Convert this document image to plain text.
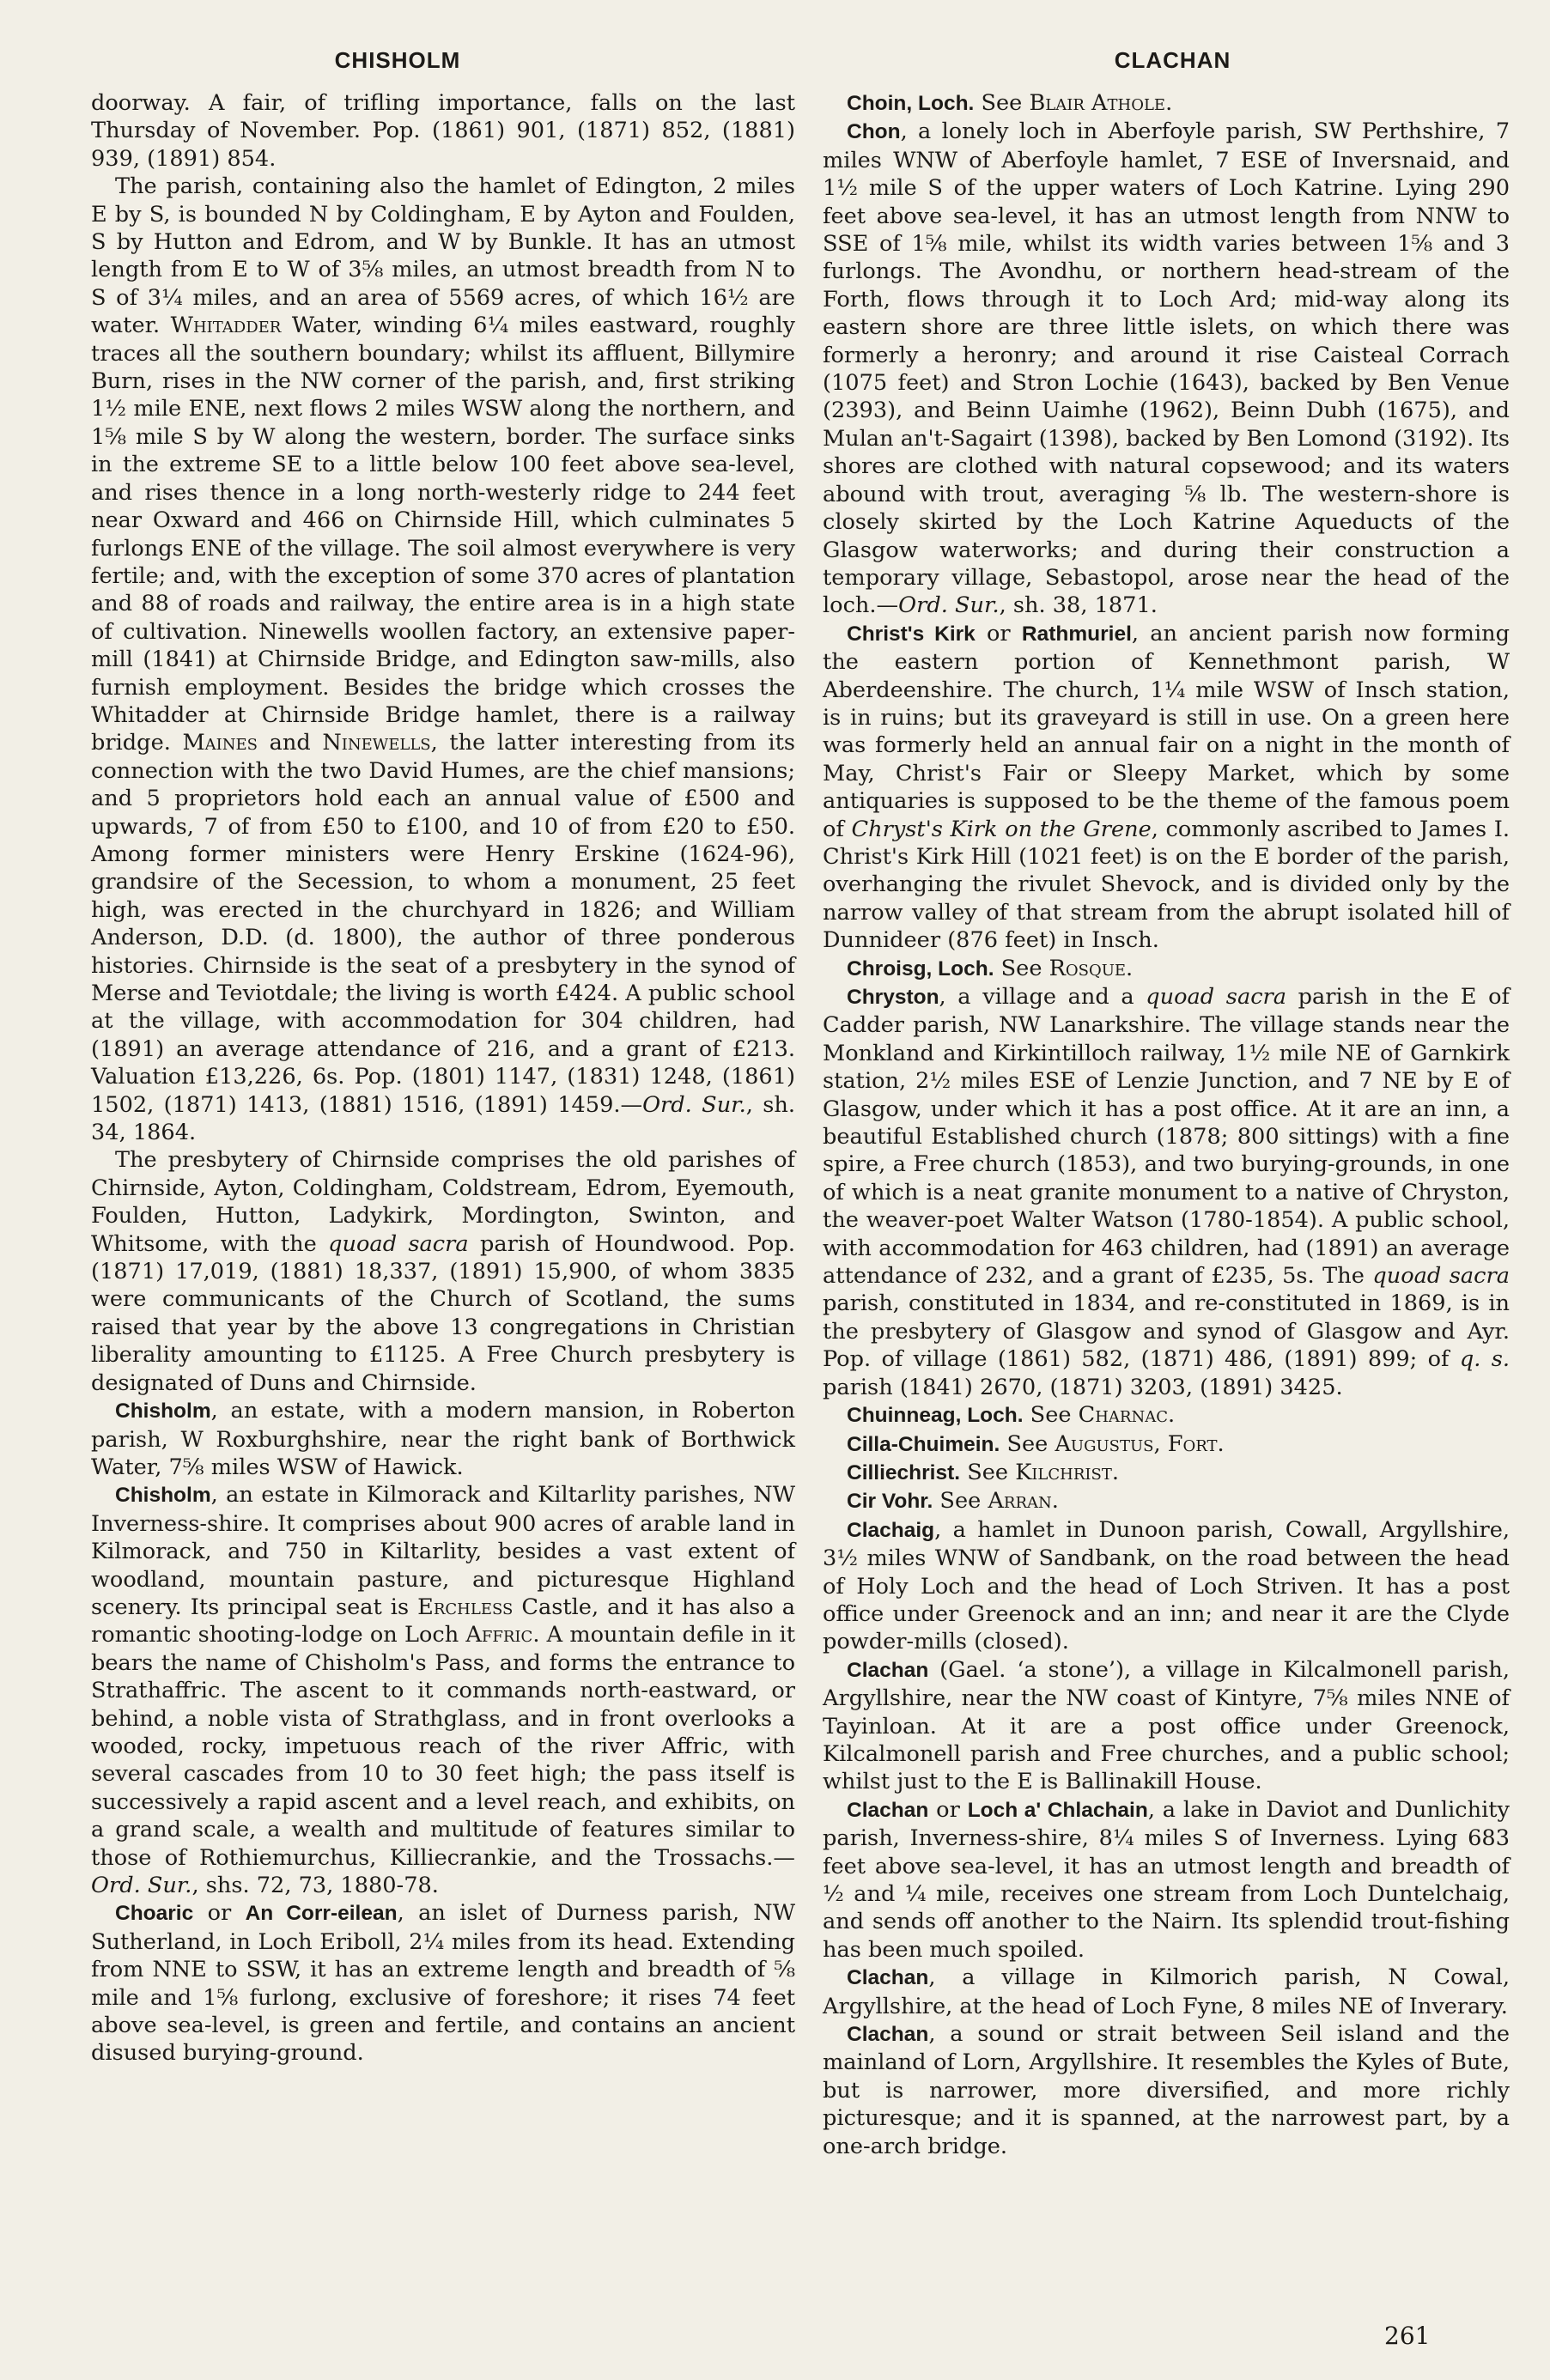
CHISHOLM	CLACHAN

doorway. A fair, of trifling importance, falls on the last Thursday of November. Pop. (1861) 901, (1871) 852, (1881) 939, (1891) 854.

The parish, containing also the hamlet of Edington, 2 miles E by S, is bounded N by Coldingham, E by Ayton and Foulden, S by Hutton and Edrom, and W by Bunkle. It has an utmost length from E to W of 3⅝ miles, an utmost breadth from N to S of 3¼ miles, and an area of 5569 acres, of which 16½ are water. Whitadder Water, winding 6¼ miles eastward, roughly traces all the southern boundary; whilst its affluent, Billymire Burn, rises in the NW corner of the parish, and, first striking 1½ mile ENE, next flows 2 miles WSW along the northern, and 1⅝ mile S by W along the western, border. The surface sinks in the extreme SE to a little below 100 feet above sea-level, and rises thence in a long north-westerly ridge to 244 feet near Oxward and 466 on Chirnside Hill, which culminates 5 furlongs ENE of the village. The soil almost everywhere is very fertile; and, with the exception of some 370 acres of plantation and 88 of roads and railway, the entire area is in a high state of cultivation. Ninewells woollen factory, an extensive paper-mill (1841) at Chirnside Bridge, and Edington saw-mills, also furnish employment. Besides the bridge which crosses the Whitadder at Chirnside Bridge hamlet, there is a railway bridge. Maines and Ninewells, the latter interesting from its connection with the two David Humes, are the chief mansions; and 5 proprietors hold each an annual value of £500 and upwards, 7 of from £50 to £100, and 10 of from £20 to £50. Among former ministers were Henry Erskine (1624-96), grandsire of the Secession, to whom a monument, 25 feet high, was erected in the churchyard in 1826; and William Anderson, D.D. (d. 1800), the author of three ponderous histories. Chirnside is the seat of a presbytery in the synod of Merse and Teviotdale; the living is worth £424. A public school at the village, with accommodation for 304 children, had (1891) an average attendance of 216, and a grant of £213. Valuation £13,226, 6s. Pop. (1801) 1147, (1831) 1248, (1861) 1502, (1871) 1413, (1881) 1516, (1891) 1459.—Ord. Sur., sh. 34, 1864.

The presbytery of Chirnside comprises the old parishes of Chirnside, Ayton, Coldingham, Coldstream, Edrom, Eyemouth, Foulden, Hutton, Ladykirk, Mordington, Swinton, and Whitsome, with the quoad sacra parish of Houndwood. Pop. (1871) 17,019, (1881) 18,337, (1891) 15,900, of whom 3835 were communicants of the Church of Scotland, the sums raised that year by the above 13 congregations in Christian liberality amounting to £1125. A Free Church presbytery is designated of Duns and Chirnside.

Chisholm, an estate, with a modern mansion, in Roberton parish, W Roxburghshire, near the right bank of Borthwick Water, 7⅝ miles WSW of Hawick.

Chisholm, an estate in Kilmorack and Kiltarlity parishes, NW Inverness-shire. It comprises about 900 acres of arable land in Kilmorack, and 750 in Kiltarlity, besides a vast extent of woodland, mountain pasture, and picturesque Highland scenery. Its principal seat is Erchless Castle, and it has also a romantic shooting-lodge on Loch Affric. A mountain defile in it bears the name of Chisholm's Pass, and forms the entrance to Strathaffric. The ascent to it commands north-eastward, or behind, a noble vista of Strathglass, and in front overlooks a wooded, rocky, impetuous reach of the river Affric, with several cascades from 10 to 30 feet high; the pass itself is successively a rapid ascent and a level reach, and exhibits, on a grand scale, a wealth and multitude of features similar to those of Rothiemurchus, Killiecrankie, and the Trossachs.—Ord. Sur., shs. 72, 73, 1880-78.

Choaric or An Corr-eilean, an islet of Durness parish, NW Sutherland, in Loch Eriboll, 2¼ miles from its head. Extending from NNE to SSW, it has an extreme length and breadth of ⅝ mile and 1⅝ furlong, exclusive of foreshore; it rises 74 feet above sea-level, is green and fertile, and contains an ancient disused burying-ground.

Choin, Loch. See Blair Athole.

Chon, a lonely loch in Aberfoyle parish, SW Perthshire, 7 miles WNW of Aberfoyle hamlet, 7 ESE of Inversnaid, and 1½ mile S of the upper waters of Loch Katrine. Lying 290 feet above sea-level, it has an utmost length from NNW to SSE of 1⅝ mile, whilst its width varies between 1⅝ and 3 furlongs. The Avondhu, or northern head-stream of the Forth, flows through it to Loch Ard; mid-way along its eastern shore are three little islets, on which there was formerly a heronry; and around it rise Caisteal Corrach (1075 feet) and Stron Lochie (1643), backed by Ben Venue (2393), and Beinn Uaimhe (1962), Beinn Dubh (1675), and Mulan an't-Sagairt (1398), backed by Ben Lomond (3192). Its shores are clothed with natural copsewood; and its waters abound with trout, averaging ⅝ lb. The western-shore is closely skirted by the Loch Katrine Aqueducts of the Glasgow waterworks; and during their construction a temporary village, Sebastopol, arose near the head of the loch.—Ord. Sur., sh. 38, 1871.

Christ's Kirk or Rathmuriel, an ancient parish now forming the eastern portion of Kennethmont parish, W Aberdeenshire. The church, 1¼ mile WSW of Insch station, is in ruins; but its graveyard is still in use. On a green here was formerly held an annual fair on a night in the month of May, Christ's Fair or Sleepy Market, which by some antiquaries is supposed to be the theme of the famous poem of Chryst's Kirk on the Grene, commonly ascribed to James I. Christ's Kirk Hill (1021 feet) is on the E border of the parish, overhanging the rivulet Shevock, and is divided only by the narrow valley of that stream from the abrupt isolated hill of Dunnideer (876 feet) in Insch.

Chroisg, Loch. See Rosque.

Chryston, a village and a quoad sacra parish in the E of Cadder parish, NW Lanarkshire. The village stands near the Monkland and Kirkintilloch railway, 1½ mile NE of Garnkirk station, 2½ miles ESE of Lenzie Junction, and 7 NE by E of Glasgow, under which it has a post office. At it are an inn, a beautiful Established church (1878; 800 sittings) with a fine spire, a Free church (1853), and two burying-grounds, in one of which is a neat granite monument to a native of Chryston, the weaver-poet Walter Watson (1780-1854). A public school, with accommodation for 463 children, had (1891) an average attendance of 232, and a grant of £235, 5s. The quoad sacra parish, constituted in 1834, and re-constituted in 1869, is in the presbytery of Glasgow and synod of Glasgow and Ayr. Pop. of village (1861) 582, (1871) 486, (1891) 899; of q. s. parish (1841) 2670, (1871) 3203, (1891) 3425.

Chuinneag, Loch. See Charnac.

Cilla-Chuimein. See Augustus, Fort.

Cilliechrist. See Kilchrist.

Cir Vohr. See Arran.

Clachaig, a hamlet in Dunoon parish, Cowall, Argyllshire, 3½ miles WNW of Sandbank, on the road between the head of Holy Loch and the head of Loch Striven. It has a post office under Greenock and an inn; and near it are the Clyde powder-mills (closed).

Clachan (Gael. ‘a stone’), a village in Kilcalmonell parish, Argyllshire, near the NW coast of Kintyre, 7⅝ miles NNE of Tayinloan. At it are a post office under Greenock, Kilcalmonell parish and Free churches, and a public school; whilst just to the E is Ballinakill House.

Clachan or Loch a' Chlachain, a lake in Daviot and Dunlichity parish, Inverness-shire, 8¼ miles S of Inverness. Lying 683 feet above sea-level, it has an utmost length and breadth of ½ and ¼ mile, receives one stream from Loch Duntelchaig, and sends off another to the Nairn. Its splendid trout-fishing has been much spoiled.

Clachan, a village in Kilmorich parish, N Cowal, Argyllshire, at the head of Loch Fyne, 8 miles NE of Inverary.

Clachan, a sound or strait between Seil island and the mainland of Lorn, Argyllshire. It resembles the Kyles of Bute, but is narrower, more diversified, and more richly picturesque; and it is spanned, at the narrowest part, by a one-arch bridge.

261
